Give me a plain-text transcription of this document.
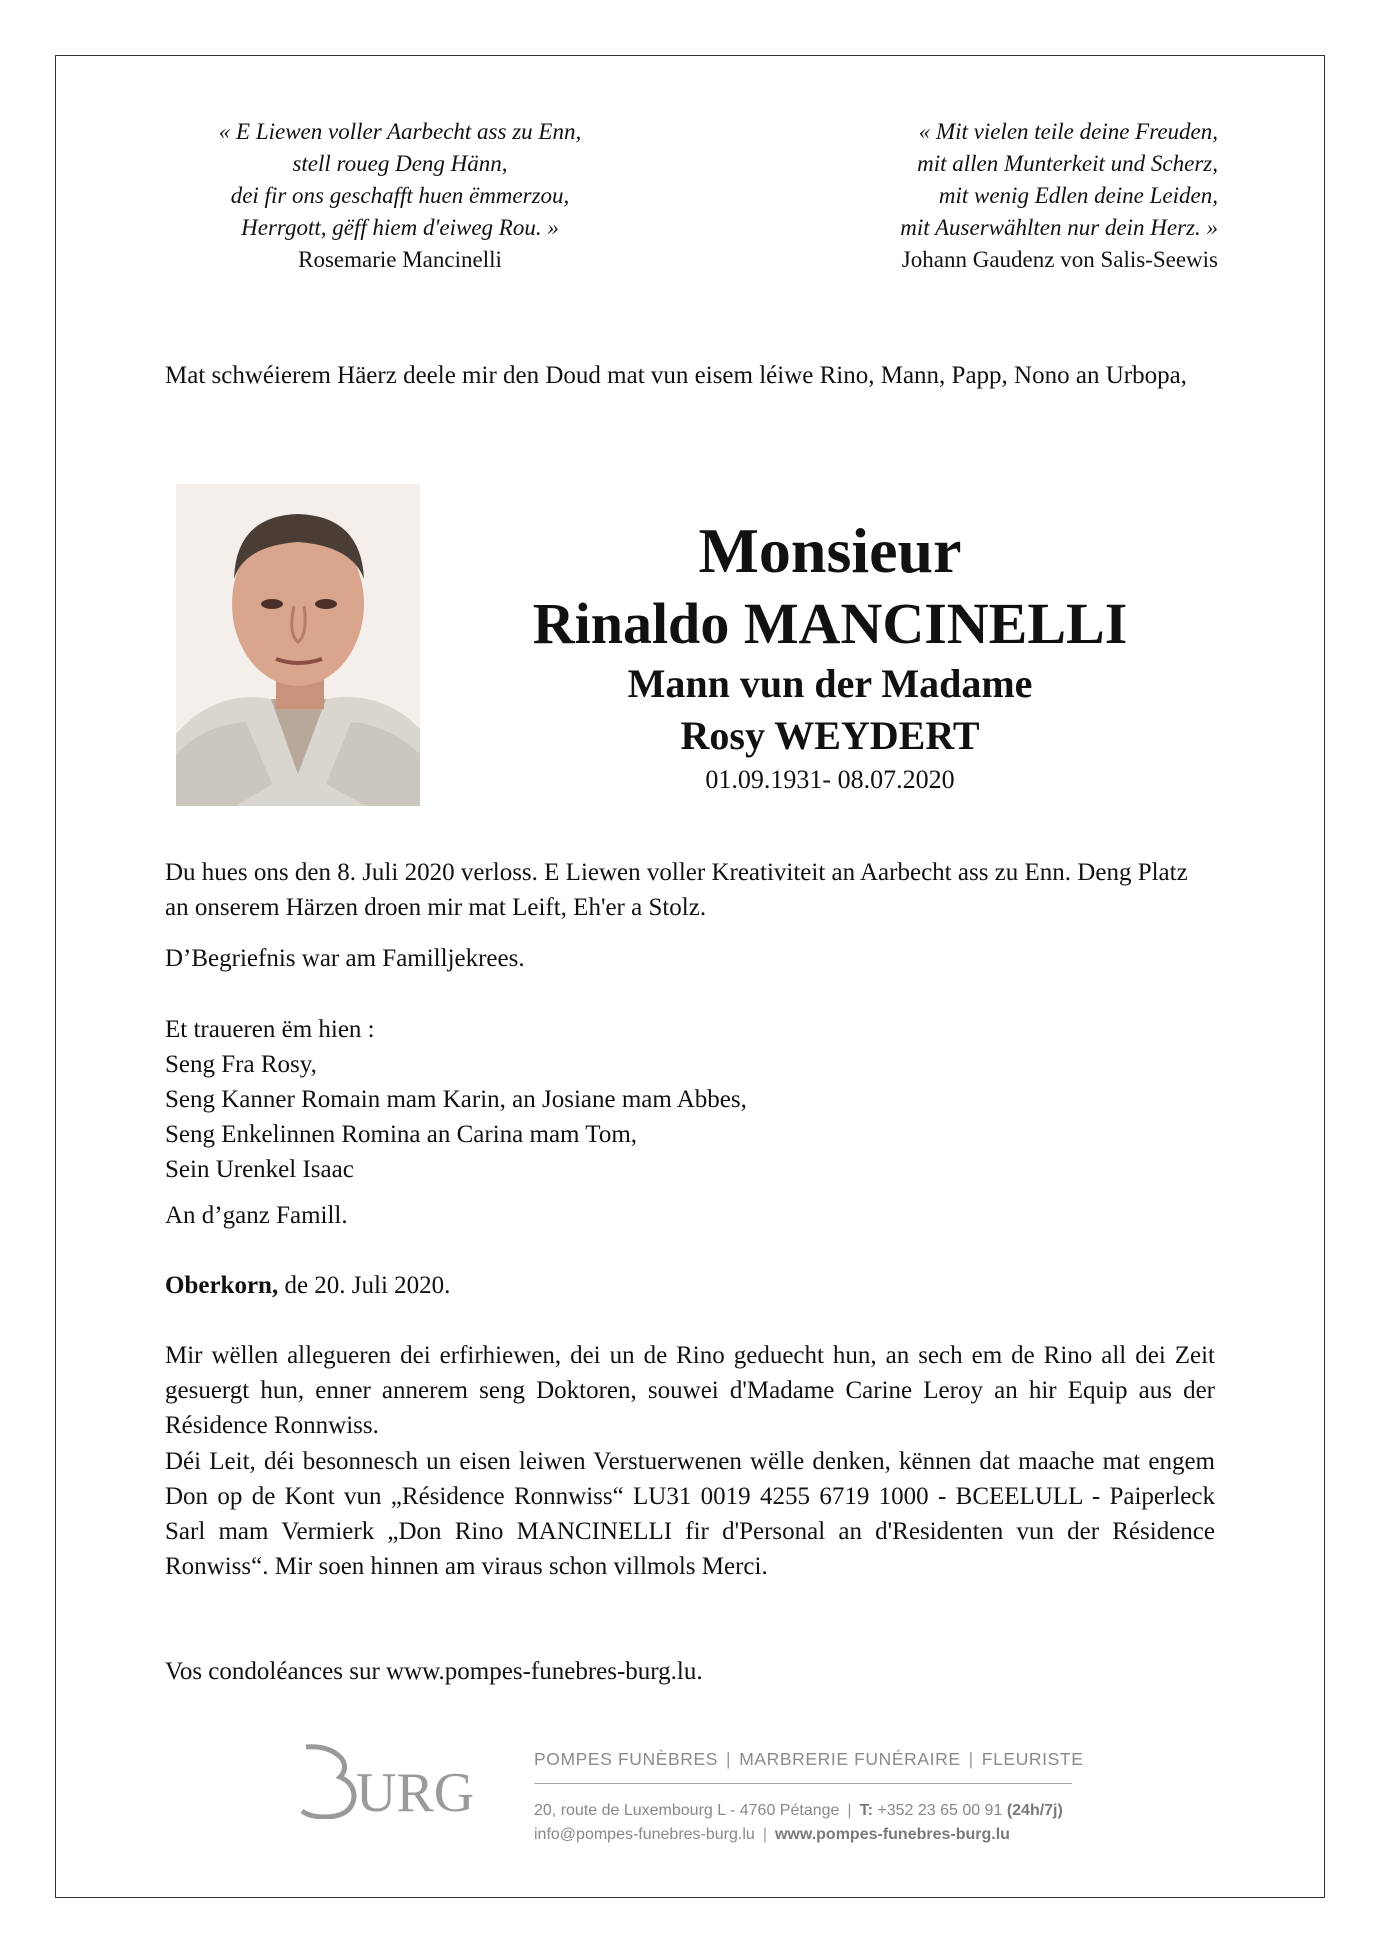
« E Liewen voller Aarbecht ass zu Enn,
stell roueg Deng Hänn,
dei fir ons geschafft huen ëmmerzou,
Herrgott, gëff hiem d'eiweg Rou. »
Rosemarie Mancinelli
« Mit vielen teile deine Freuden,
mit allen Munterkeit und Scherz,
mit wenig Edlen deine Leiden,
mit Auserwählten nur dein Herz. »
Johann Gaudenz von Salis-Seewis
Mat schwéierem Häerz deele mir den Doud mat vun eisem léiwe Rino, Mann, Papp, Nono an Urbopa,
Monsieur
Rinaldo MANCINELLI
Mann vun der Madame
Rosy WEYDERT
01.09.1931- 08.07.2020
Du hues ons den 8. Juli 2020 verloss. E Liewen voller Kreativiteit an Aarbecht ass zu Enn. Deng Platz an onserem Härzen droen mir mat Leift, Eh'er a Stolz.
D’Begriefnis war am Familljekrees.
Et traueren ëm hien :
Seng Fra Rosy,
Seng Kanner Romain mam Karin, an Josiane mam Abbes,
Seng Enkelinnen Romina an Carina mam Tom,
Sein Urenkel Isaac
An d’ganz Famill.
Oberkorn, de 20. Juli 2020.
Mir wëllen allegueren dei erfirhiewen, dei un de Rino geduecht hun, an sech em de Rino all dei Zeit gesuergt hun, enner annerem seng Doktoren, souwei d'Madame Carine Leroy an hir Equip aus der Résidence Ronnwiss.
Déi Leit, déi besonnesch un eisen leiwen Verstuerwenen wëlle denken, kënnen dat maache mat engem Don op de Kont vun „Résidence Ronnwiss“ LU31 0019 4255 6719 1000 - BCEELULL - Paiperleck Sarl mam Vermierk „Don Rino MANCINELLI fir d'Personal an d'Residenten vun der Résidence Ronwiss“. Mir soen hinnen am viraus schon villmols Merci.
Vos condoléances sur www.pompes-funebres-burg.lu.
URG
POMPES FUNÈBRES | MARBRERIE FUNÉRAIRE | FLEURISTE
20, route de Luxembourg L - 4760 Pétange | T: +352 23 65 00 91 (24h/7j)
info@pompes-funebres-burg.lu | www.pompes-funebres-burg.lu
